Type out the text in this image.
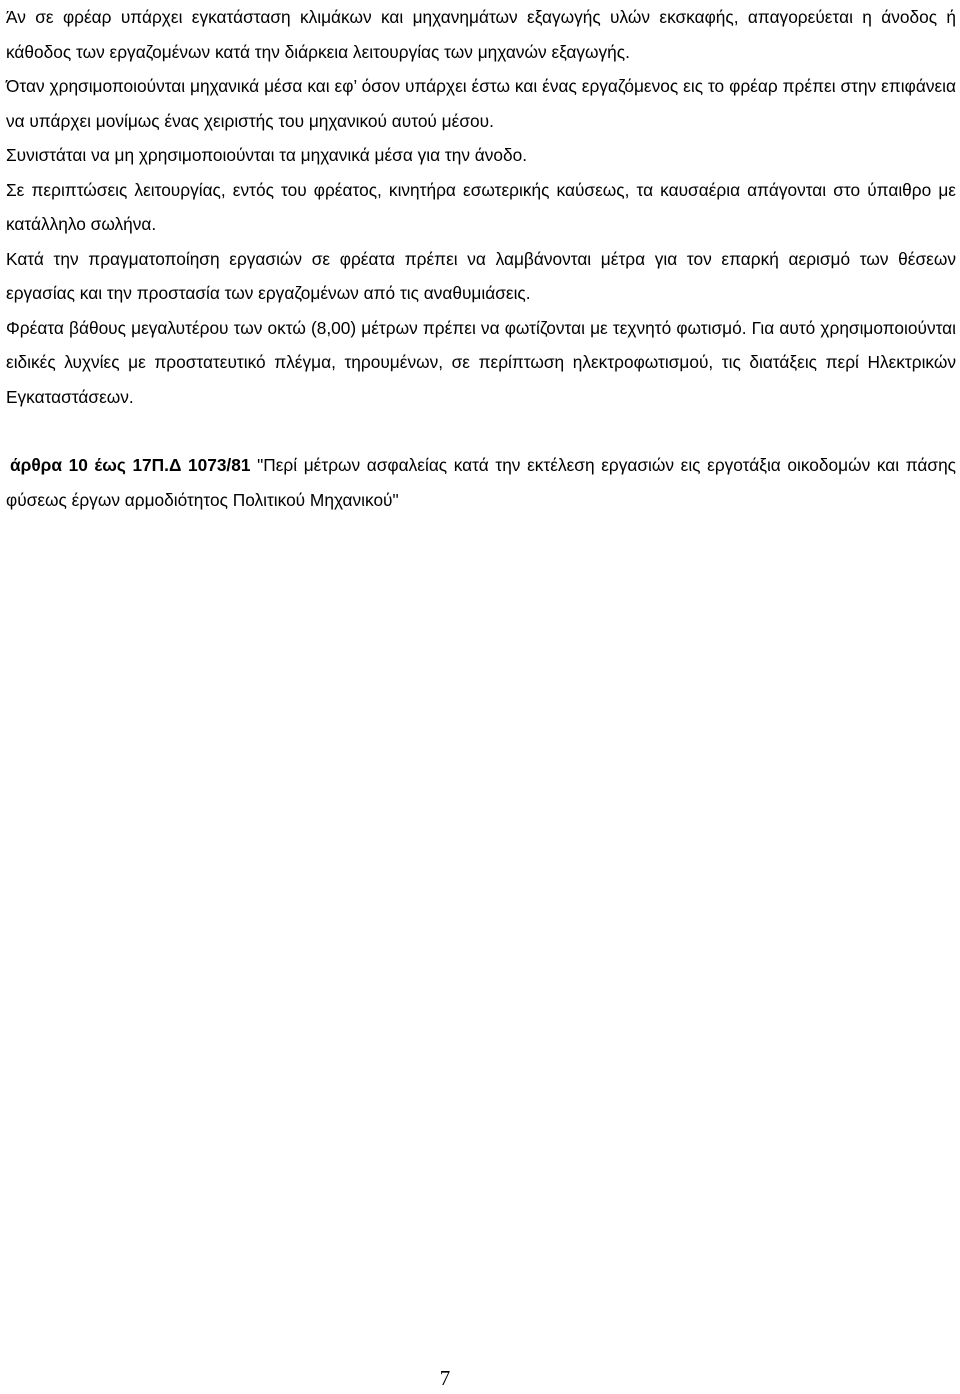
Άν σε φρέαρ υπάρχει εγκατάσταση κλιμάκων και μηχανημάτων εξαγωγής υλών εκσκαφής, απαγορεύεται η άνοδος ή κάθοδος των εργαζομένων κατά την διάρκεια λειτουργίας των μηχανών εξαγωγής.

Όταν χρησιμοποιούνται μηχανικά μέσα και εφ’ όσον υπάρχει έστω και ένας εργαζόμενος εις το φρέαρ πρέπει στην επιφάνεια να υπάρχει μονίμως ένας χειριστής του μηχανικού αυτού μέσου.

Συνιστάται να μη χρησιμοποιούνται τα μηχανικά μέσα για την άνοδο.

Σε περιπτώσεις λειτουργίας, εντός του φρέατος, κινητήρα εσωτερικής καύσεως, τα καυσαέρια απάγονται στο ύπαιθρο με κατάλληλο σωλήνα.

Κατά την πραγματοποίηση εργασιών σε φρέατα πρέπει να λαμβάνονται μέτρα για τον επαρκή αερισμό των θέσεων εργασίας και την προστασία των εργαζομένων από τις αναθυμιάσεις.

Φρέατα βάθους μεγαλυτέρου των οκτώ (8,00) μέτρων πρέπει να φωτίζονται με τεχνητό φωτισμό. Για αυτό χρησιμοποιούνται ειδικές λυχνίες με προστατευτικό πλέγμα, τηρουμένων, σε περίπτωση ηλεκτροφωτισμού, τις διατάξεις περί Ηλεκτρικών Εγκαταστάσεων.

άρθρα 10 έως 17Π.Δ 1073/81 "Περί μέτρων ασφαλείας κατά την εκτέλεση εργασιών εις εργοτάξια οικοδομών και πάσης φύσεως έργων αρμοδιότητος Πολιτικού Μηχανικού"

7
